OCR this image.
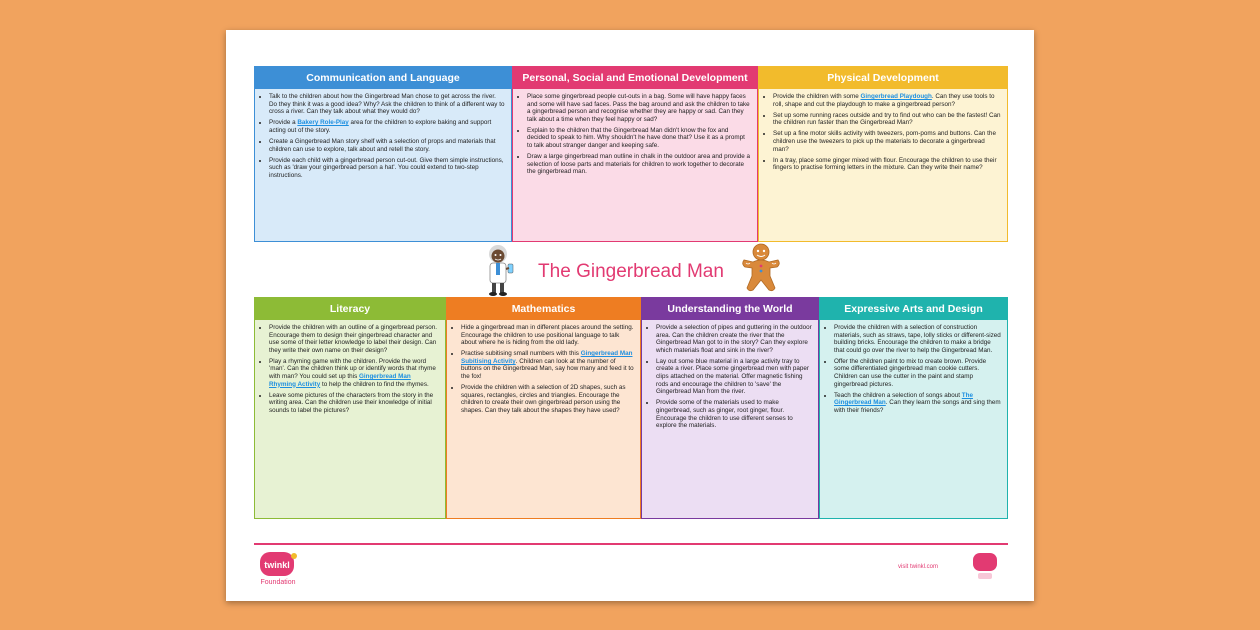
Communication and Language
• Talk to the children about how the Gingerbread Man chose to get across the river. Do they think it was a good idea? Why? Ask the children to think of a different way to cross a river. Can they talk about what they would do?
• Provide a Bakery Role-Play area for the children to explore baking and support acting out of the story.
• Create a Gingerbread Man story shelf with a selection of props and materials that children can use to explore, talk about and retell the story.
• Provide each child with a gingerbread person cut-out. Give them simple instructions, such as 'draw your gingerbread person a hat'. You could extend to two-step instructions.
Personal, Social and Emotional Development
• Place some gingerbread people cut-outs in a bag. Some will have happy faces and some will have sad faces. Pass the bag around and ask the children to take a gingerbread person and recognise whether they are happy or sad. Can they talk about a time when they feel happy or sad?
• Explain to the children that the Gingerbread Man didn't know the fox and decided to speak to him. Why shouldn't he have done that? Use it as a prompt to talk about stranger danger and keeping safe.
• Draw a large gingerbread man outline in chalk in the outdoor area and provide a selection of loose parts and materials for children to work together to decorate the gingerbread man.
Physical Development
• Provide the children with some Gingerbread Playdough. Can they use tools to roll, shape and cut the playdough to make a gingerbread person?
• Set up some running races outside and try to find out who can be the fastest! Can the children run faster than the Gingerbread Man?
• Set up a fine motor skills activity with tweezers, pom-poms and buttons. Can the children use the tweezers to pick up the materials to decorate a gingerbread man?
• In a tray, place some ginger mixed with flour. Encourage the children to use their fingers to practise forming letters in the mixture. Can they write their name?
The Gingerbread Man
Literacy
• Provide the children with an outline of a gingerbread person. Encourage them to design their gingerbread character and use some of their letter knowledge to label their design. Can they write their own name on their design?
• Play a rhyming game with the children. Provide the word 'man'. Can the children think up or identify words that rhyme with man? You could set up this Gingerbread Man Rhyming Activity to help the children to find the rhymes.
• Leave some pictures of the characters from the story in the writing area. Can the children use their knowledge of initial sounds to label the pictures?
Mathematics
• Hide a gingerbread man in different places around the setting. Encourage the children to use positional language to talk about where he is hiding from the old lady.
• Practise subitising small numbers with this Gingerbread Man Subitising Activity. Children can look at the number of buttons on the Gingerbread Man, say how many and feed it to the fox!
• Provide the children with a selection of 2D shapes, such as squares, rectangles, circles and triangles. Encourage the children to create their own gingerbread person using the shapes. Can they talk about the shapes they have used?
Understanding the World
• Provide a selection of pipes and guttering in the outdoor area. Can the children create the river that the Gingerbread Man got to in the story? Can they explore which materials float and sink in the river?
• Lay out some blue material in a large activity tray to create a river. Place some gingerbread men with paper clips attached on the material. Offer magnetic fishing rods and encourage the children to 'save' the Gingerbread Man from the river.
• Provide some of the materials used to make gingerbread, such as ginger, root ginger, flour. Encourage the children to use different senses to explore the materials.
Expressive Arts and Design
• Provide the children with a selection of construction materials, such as straws, tape, lolly sticks or different-sized building bricks. Encourage the children to make a bridge that could go over the river to help the Gingerbread Man.
• Offer the children paint to mix to create brown. Provide some differentiated gingerbread man cookie cutters. Children can use the cutter in the paint and stamp gingerbread pictures.
• Teach the children a selection of songs about The Gingerbread Man. Can they learn the songs and sing them with their friends?
twinkl
Foundation
visit twinkl.com
